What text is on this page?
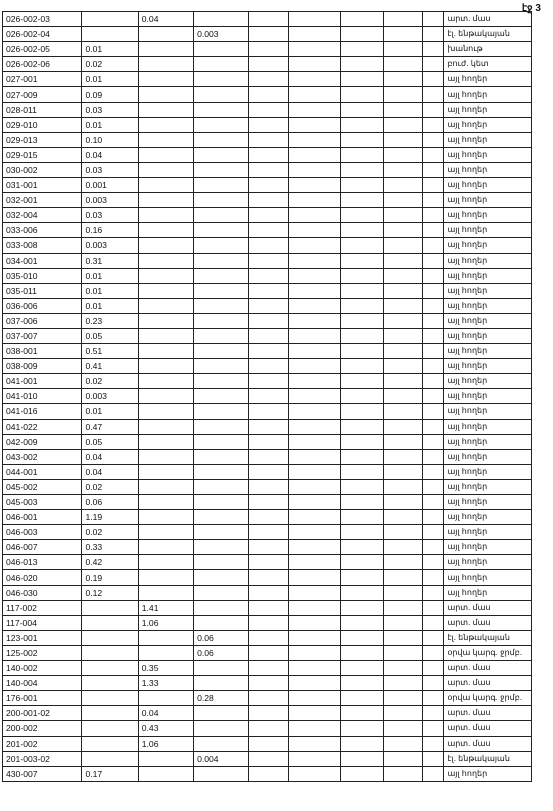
էջ 3
026-002-03		0.04							արտ. մաս
026-002-04			0.003						էլ. ենթակայան
026-002-05	0.01								խանութ
026-002-06	0.02								բուժ. կետ
027-001	0.01								այլ հողեր
027-009	0.09								այլ հողեր
028-011	0.03								այլ հողեր
029-010	0.01								այլ հողեր
029-013	0.10								այլ հողեր
029-015	0.04								այլ հողեր
030-002	0.03								այլ հողեր
031-001	0.001								այլ հողեր
032-001	0.003								այլ հողեր
032-004	0.03								այլ հողեր
033-006	0.16								այլ հողեր
033-008	0.003								այլ հողեր
034-001	0.31								այլ հողեր
035-010	0.01								այլ հողեր
035-011	0.01								այլ հողեր
036-006	0.01								այլ հողեր
037-006	0.23								այլ հողեր
037-007	0.05								այլ հողեր
038-001	0.51								այլ հողեր
038-009	0.41								այլ հողեր
041-001	0.02								այլ հողեր
041-010	0.003								այլ հողեր
041-016	0.01								այլ հողեր
041-022	0.47								այլ հողեր
042-009	0.05								այլ հողեր
043-002	0.04								այլ հողեր
044-001	0.04								այլ հողեր
045-002	0.02								այլ հողեր
045-003	0.06								այլ հողեր
046-001	1.19								այլ հողեր
046-003	0.02								այլ հողեր
046-007	0.33								այլ հողեր
046-013	0.42								այլ հողեր
046-020	0.19								այլ հողեր
046-030	0.12								այլ հողեր
117-002		1.41							արտ. մաս
117-004		1.06							արտ. մաս
123-001			0.06						էլ. ենթակայան
125-002			0.06						օրվա կարգ. ջրմբ.
140-002		0.35							արտ. մաս
140-004		1.33							արտ. մաս
176-001			0.28						օրվա կարգ. ջրմբ.
200-001-02		0.04							արտ. մաս
200-002		0.43							արտ. մաս
201-002		1.06							արտ. մաս
201-003-02			0.004						էլ. ենթակայան
430-007	0.17								այլ հողեր
